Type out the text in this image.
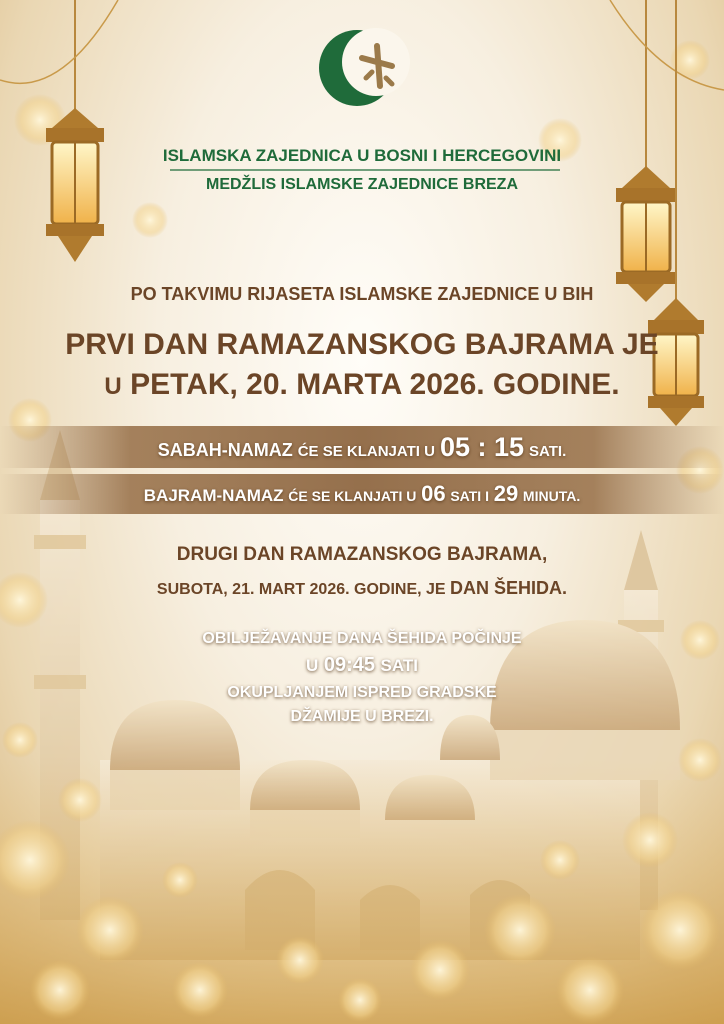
ISLAMSKA ZAJEDNICA U BOSNI I HERCEGOVINI
MEDŽLIS ISLAMSKE ZAJEDNICE BREZA
PO TAKVIMU RIJASETA ISLAMSKE ZAJEDNICE U BIH
PRVI DAN RAMAZANSKOG BAJRAMA JE
U PETAK, 20. MARTA 2026. GODINE.
SABAH-NAMAZ ĆE SE KLANJATI U 05 : 15 SATI.
BAJRAM-NAMAZ ĆE SE KLANJATI U 06 SATI I 29 MINUTA.
DRUGI DAN RAMAZANSKOG BAJRAMA,
SUBOTA, 21. MART 2026. GODINE, JE DAN ŠEHIDA.
OBILJEŽAVANJE DANA ŠEHIDA POČINJE
U 09:45 SATI
OKUPLJANJEM ISPRED GRADSKE
DŽAMIJE U BREZI.
